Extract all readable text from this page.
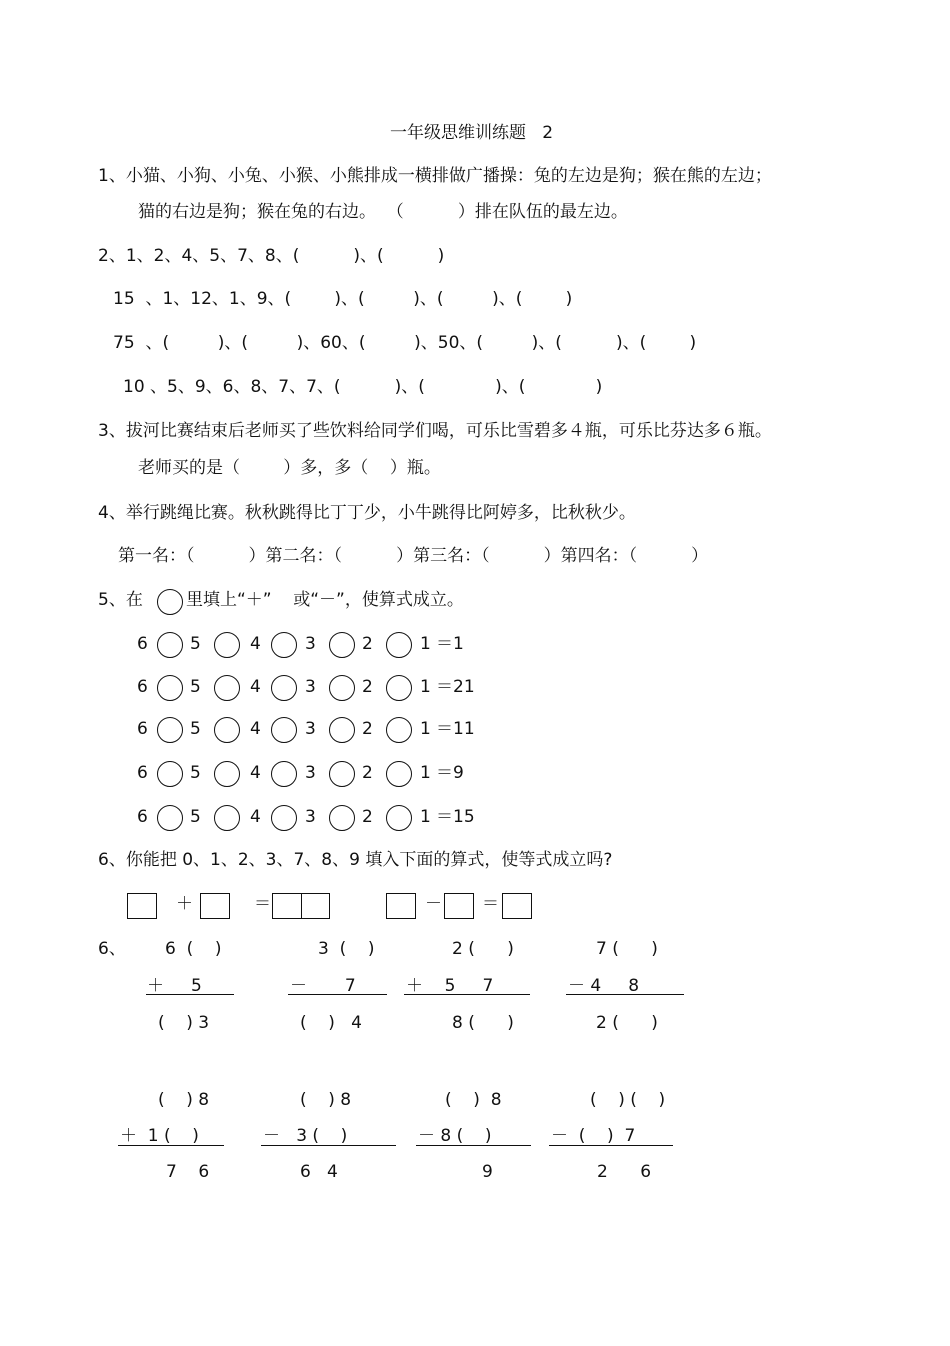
一年级思维训练题   2
1、小猫、小狗、小兔、小猴、小熊排成一横排做广播操：兔的左边是狗；猴在熊的左边；
猫的右边是狗；猴在兔的右边。  （          ）排在队伍的最左边。
2、1、2、4、5、7、8、(          )、(          )
15  、1、12、1、9、(        )、(         )、(         )、(        )
75  、(         )、(         )、60、(         )、50、(         )、(          )、(        )
10 、5、9、6、8、7、7、(          )、(             )、(             )
3、拔河比赛结束后老师买了些饮料给同学们喝，可乐比雪碧多４瓶，可乐比芬达多６瓶。
老师买的是（        ）多，多（    ）瓶。
4、举行跳绳比赛。秋秋跳得比丁丁少，小牛跳得比阿婷多，比秋秋少。
第一名：（          ）第二名：（          ）第三名：（          ）第四名：（          ）
5、在	里填上“＋”    或“－”，使算式成立。
6 5	4	3	2	1 ＝1
6 5	4	3	2	1 ＝21
6 5	4	3	2	1 ＝11
6 5	4	3	2	1 ＝9
6 5	4	3	2	1 ＝15
6、你能把 0、1、2、3、7、8、9 填入下面的算式，使等式成立吗?
＋	＝	－ ＝
6、 6  (    )	3  (    )	2 (      )	7 (      )
＋     5	－       7	＋    5     7	－ 4     8
(    ) 3	(    )   4	8 (      )	2 (      )
(    ) 8	(    ) 8	(    )  8	(    ) (    )
＋  1 (    )	－   3 (    )	－ 8 (    )	－  (    )  7
7    6	6   4	9	2      6
